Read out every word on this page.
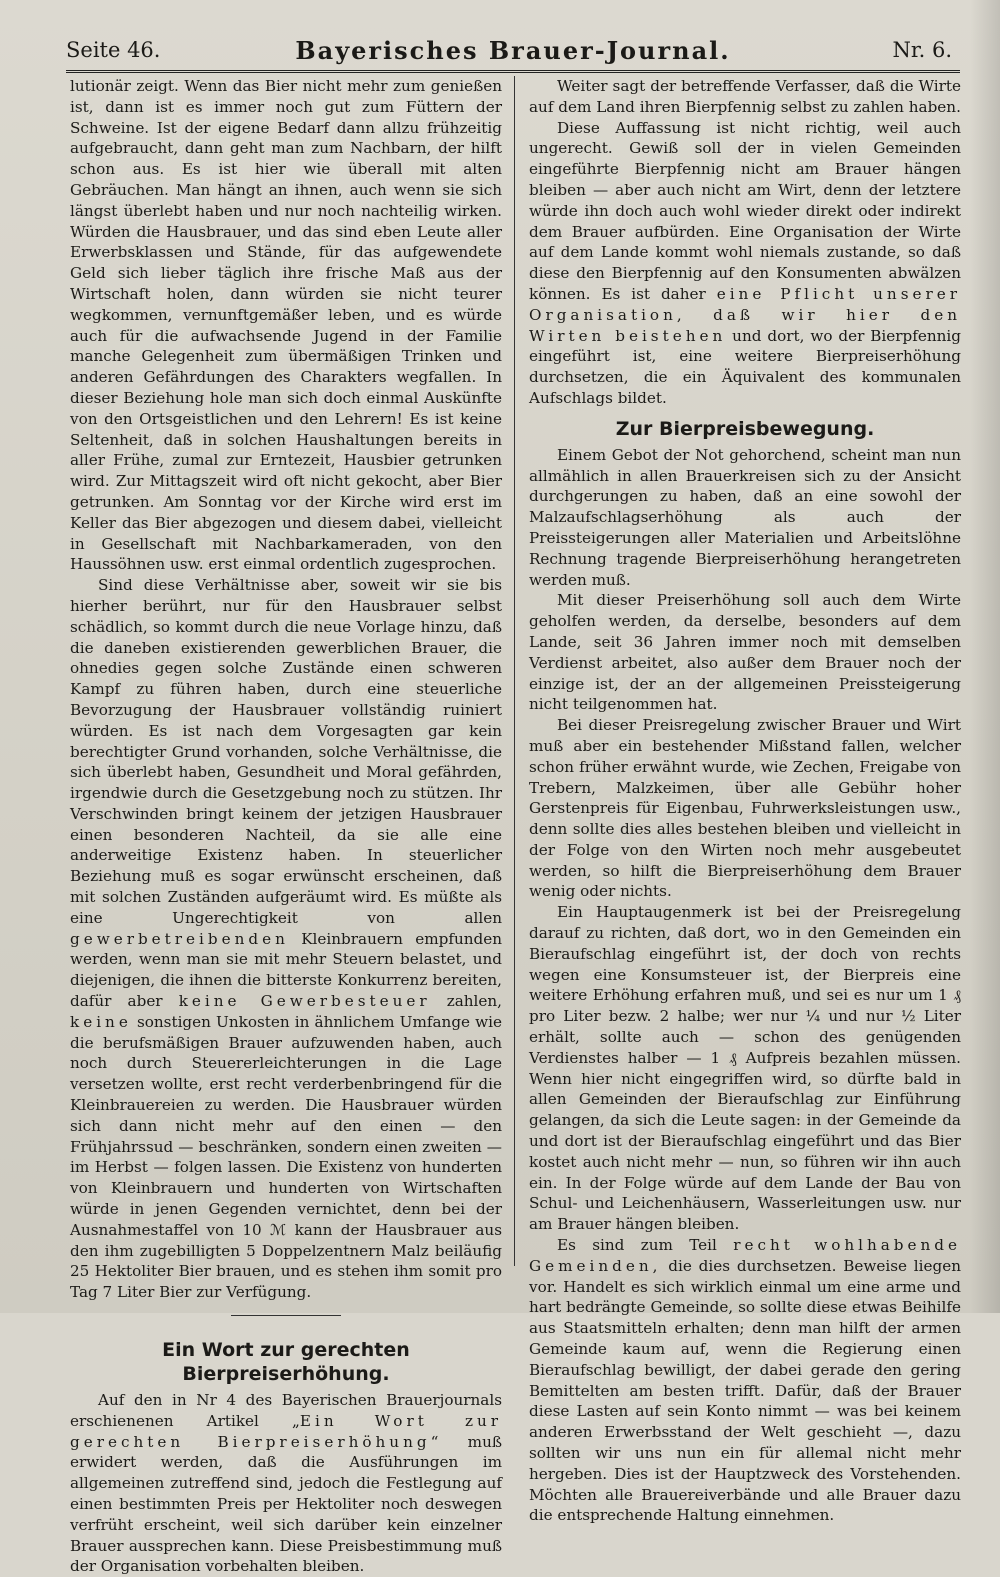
Seite 46.	Bayerisches Brauer-Journal.	Nr. 6.

lutionär zeigt. Wenn das Bier nicht mehr zum genießen ist, dann ist es immer noch gut zum Füttern der Schweine. Ist der eigene Bedarf dann allzu frühzeitig aufgebraucht, dann geht man zum Nachbarn, der hilft schon aus. Es ist hier wie überall mit alten Gebräuchen. Man hängt an ihnen, auch wenn sie sich längst überlebt haben und nur noch nachteilig wirken. Würden die Hausbrauer, und das sind eben Leute aller Erwerbsklassen und Stände, für das aufgewendete Geld sich lieber täglich ihre frische Maß aus der Wirtschaft holen, dann würden sie nicht teurer wegkommen, vernunftgemäßer leben, und es würde auch für die aufwachsende Jugend in der Familie manche Gelegenheit zum übermäßigen Trinken und anderen Gefährdungen des Charakters wegfallen. In dieser Beziehung hole man sich doch einmal Auskünfte von den Ortsgeistlichen und den Lehrern! Es ist keine Seltenheit, daß in solchen Haushaltungen bereits in aller Frühe, zumal zur Erntezeit, Hausbier getrunken wird. Zur Mittagszeit wird oft nicht gekocht, aber Bier getrunken. Am Sonntag vor der Kirche wird erst im Keller das Bier abgezogen und diesem dabei, vielleicht in Gesellschaft mit Nachbarkameraden, von den Haussöhnen usw. erst einmal ordentlich zugesprochen.

Sind diese Verhältnisse aber, soweit wir sie bis hierher berührt, nur für den Hausbrauer selbst schädlich, so kommt durch die neue Vorlage hinzu, daß die daneben existierenden gewerblichen Brauer, die ohnedies gegen solche Zustände einen schweren Kampf zu führen haben, durch eine steuerliche Bevorzugung der Hausbrauer vollständig ruiniert würden. Es ist nach dem Vorgesagten gar kein berechtigter Grund vorhanden, solche Verhältnisse, die sich überlebt haben, Gesundheit und Moral gefährden, irgendwie durch die Gesetzgebung noch zu stützen. Ihr Verschwinden bringt keinem der jetzigen Hausbrauer einen besonderen Nachteil, da sie alle eine anderweitige Existenz haben. In steuerlicher Beziehung muß es sogar erwünscht erscheinen, daß mit solchen Zuständen aufgeräumt wird. Es müßte als eine Ungerechtigkeit von allen gewerbetreibenden Kleinbrauern empfunden werden, wenn man sie mit mehr Steuern belastet, und diejenigen, die ihnen die bitterste Konkurrenz bereiten, dafür aber keine Gewerbesteuer zahlen, keine sonstigen Unkosten in ähnlichem Umfange wie die berufsmäßigen Brauer aufzuwenden haben, auch noch durch Steuererleichterungen in die Lage versetzen wollte, erst recht verderbenbringend für die Kleinbrauereien zu werden. Die Hausbrauer würden sich dann nicht mehr auf den einen — den Frühjahrssud — beschränken, sondern einen zweiten — im Herbst — folgen lassen. Die Existenz von hunderten von Kleinbrauern und hunderten von Wirtschaften würde in jenen Gegenden vernichtet, denn bei der Ausnahmestaffel von 10 ℳ kann der Hausbrauer aus den ihm zugebilligten 5 Doppelzentnern Malz beiläufig 25 Hektoliter Bier brauen, und es stehen ihm somit pro Tag 7 Liter Bier zur Verfügung.

Ein Wort zur gerechten Bierpreiserhöhung.

Auf den in Nr 4 des Bayerischen Brauerjournals erschienenen Artikel „Ein Wort zur gerechten Bierpreiserhöhung“ muß erwidert werden, daß die Ausführungen im allgemeinen zutreffend sind, jedoch die Festlegung auf einen bestimmten Preis per Hektoliter noch deswegen verfrüht erscheint, weil sich darüber kein einzelner Brauer aussprechen kann. Diese Preisbestimmung muß der Organisation vorbehalten bleiben.

Weiter sagt der betreffende Verfasser, daß die Wirte auf dem Land ihren Bierpfennig selbst zu zahlen haben.

Diese Auffassung ist nicht richtig, weil auch ungerecht. Gewiß soll der in vielen Gemeinden eingeführte Bierpfennig nicht am Brauer hängen bleiben — aber auch nicht am Wirt, denn der letztere würde ihn doch auch wohl wieder direkt oder indirekt dem Brauer aufbürden. Eine Organisation der Wirte auf dem Lande kommt wohl niemals zustande, so daß diese den Bierpfennig auf den Konsumenten abwälzen können. Es ist daher eine Pflicht unserer Organisation, daß wir hier den Wirten beistehen und dort, wo der Bierpfennig eingeführt ist, eine weitere Bierpreiserhöhung durchsetzen, die ein Äquivalent des kommunalen Aufschlags bildet.

Zur Bierpreisbewegung.

Einem Gebot der Not gehorchend, scheint man nun allmählich in allen Brauerkreisen sich zu der Ansicht durchgerungen zu haben, daß an eine sowohl der Malzaufschlagserhöhung als auch der Preissteigerungen aller Materialien und Arbeitslöhne Rechnung tragende Bierpreiserhöhung herangetreten werden muß.

Mit dieser Preiserhöhung soll auch dem Wirte geholfen werden, da derselbe, besonders auf dem Lande, seit 36 Jahren immer noch mit demselben Verdienst arbeitet, also außer dem Brauer noch der einzige ist, der an der allgemeinen Preissteigerung nicht teilgenommen hat.

Bei dieser Preisregelung zwischer Brauer und Wirt muß aber ein bestehender Mißstand fallen, welcher schon früher erwähnt wurde, wie Zechen, Freigabe von Trebern, Malzkeimen, über alle Gebühr hoher Gerstenpreis für Eigenbau, Fuhrwerksleistungen usw., denn sollte dies alles bestehen bleiben und vielleicht in der Folge von den Wirten noch mehr ausgebeutet werden, so hilft die Bierpreiserhöhung dem Brauer wenig oder nichts.

Ein Hauptaugenmerk ist bei der Preisregelung darauf zu richten, daß dort, wo in den Gemeinden ein Bieraufschlag eingeführt ist, der doch von rechts wegen eine Konsumsteuer ist, der Bierpreis eine weitere Erhöhung erfahren muß, und sei es nur um 1 ₰ pro Liter bezw. 2 halbe; wer nur ¼ und nur ½ Liter erhält, sollte auch — schon des genügenden Verdienstes halber — 1 ₰ Aufpreis bezahlen müssen. Wenn hier nicht eingegriffen wird, so dürfte bald in allen Gemeinden der Bieraufschlag zur Einführung gelangen, da sich die Leute sagen: in der Gemeinde da und dort ist der Bieraufschlag eingeführt und das Bier kostet auch nicht mehr — nun, so führen wir ihn auch ein. In der Folge würde auf dem Lande der Bau von Schul- und Leichenhäusern, Wasserleitungen usw. nur am Brauer hängen bleiben.

Es sind zum Teil recht wohlhabende Gemeinden, die dies durchsetzen. Beweise liegen vor. Handelt es sich wirklich einmal um eine arme und hart bedrängte Gemeinde, so sollte diese etwas Beihilfe aus Staatsmitteln erhalten; denn man hilft der armen Gemeinde kaum auf, wenn die Regierung einen Bieraufschlag bewilligt, der dabei gerade den gering Bemittelten am besten trifft. Dafür, daß der Brauer diese Lasten auf sein Konto nimmt — was bei keinem anderen Erwerbsstand der Welt geschieht —, dazu sollten wir uns nun ein für allemal nicht mehr hergeben. Dies ist der Hauptzweck des Vorstehenden. Möchten alle Brauereiverbände und alle Brauer dazu die entsprechende Haltung einnehmen.
